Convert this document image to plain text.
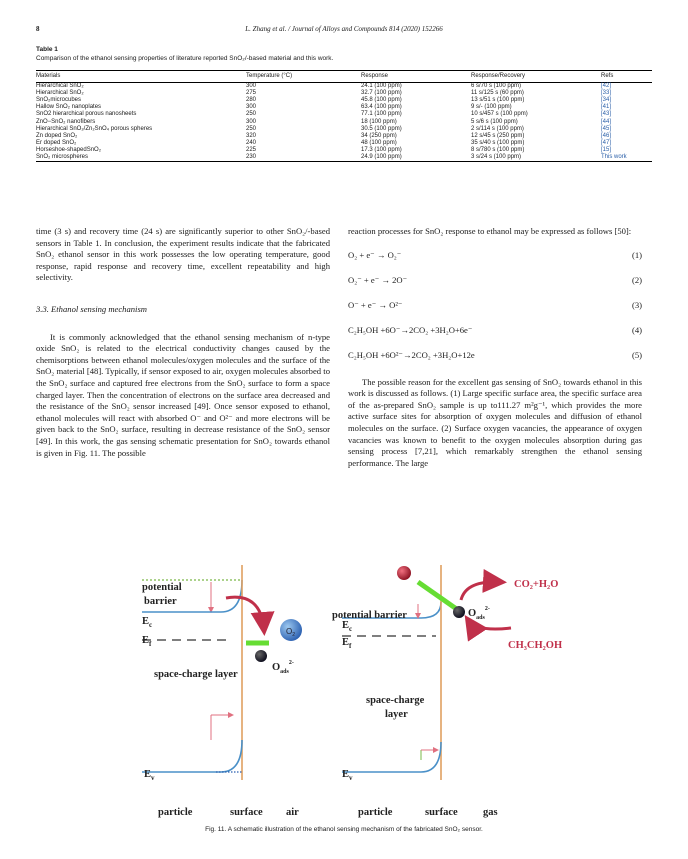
8	L. Zhang et al. / Journal of Alloys and Compounds 814 (2020) 152266
Table 1
Comparison of the ethanol sensing properties of literature reported SnO₂/-based material and this work.
Materials	Temperature (°C)	Response	Response/Recovery	Refs
Hierarchical SnO₂	300	24.1 (100 ppm)	6 s/70 s (100 ppm)	[42]
Hierarchical SnO₂	275	32.7 (100 ppm)	11 s/125 s (60 ppm)	[33]
SnO₂microcubes	280	45.8 (100 ppm)	13 s/51 s (100 ppm)	[34]
Hallow SnO₂ nanoplates	300	63.4 (100 ppm)	9 s/- (100 ppm)	[41]
SnO2 hierarchical porous nanosheets	250	77.1 (100 ppm)	10 s/457 s (100 ppm)	[43]
ZnO−SnO₂ nanofibers	300	18 (100 ppm)	5 s/6 s (100 ppm)	[44]
Hierarchical SnO₂/Zn₂SnO₄ porous spheres	250	30.5 (100 ppm)	2 s/114 s (100 ppm)	[45]
Zn doped SnO₂	320	34 (250 ppm)	12 s/45 s (250 ppm)	[46]
Er doped SnO₂	240	48 (100 ppm)	35 s/40 s (100 ppm)	[47]
Horseshoe-shapedSnO₂	225	17.3 (100 ppm)	8 s/780 s (100 ppm)	[15]
SnO₂ microspheres	230	24.9 (100 ppm)	3 s/24 s (100 ppm)	This work

time (3 s) and recovery time (24 s) are significantly superior to other SnO₂/-based sensors in Table 1. In conclusion, the experiment results indicate that the fabricated SnO₂ ethanol sensor in this work possesses the low operating temperature, good response, rapid response and recovery time, excellent repeatability and high selectivity.

3.3. Ethanol sensing mechanism

It is commonly acknowledged that the ethanol sensing mechanism of n-type oxide SnO₂ is related to the electrical conductivity changes caused by the chemisorptions between ethanol molecules/oxygen molecules and the surface of the SnO₂ material [48]. Typically, if sensor exposed to air, oxygen molecules absorbed to the SnO₂ surface and captured free electrons from the SnO₂ surface to form a space charged layer. Then the concentration of electrons on the surface area decreased and the resistance of the SnO₂ sensor increased [49]. Once sensor exposed to ethanol, ethanol molecules will react with absorbed O⁻ and O²⁻ and more electrons will be given back to the SnO₂ surface, resulting in decrease resistance of the SnO₂ sensor [49]. In this work, the gas sensing schematic presentation for SnO₂ towards ethanol is given in Fig. 11. The possible

reaction processes for SnO₂ response to ethanol may be expressed as follows [50]:

O₂ + e⁻ → O₂⁻	(1)
O₂⁻ + e⁻ → 2O⁻	(2)
O⁻ + e⁻ → O²⁻	(3)
C₂H₅OH +6O⁻→2CO₂ +3H₂O+6e⁻	(4)
C₂H₅OH +6O²⁻→2CO₂ +3H₂O+12e	(5)

The possible reason for the excellent gas sensing of SnO₂ towards ethanol in this work is discussed as follows. (1) Large specific surface area, the specific surface area of the as-prepared SnO₂ sample is up to111.27 m²g⁻¹, which provides the more active surface sites for absorption of oxygen molecules and diffusion of ethanol molecules on the surface. (2) Surface oxygen vacancies, the appearance of oxygen vacancies was known to benefit to the oxygen molecules absorption during gas sensing process [7,21], which remarkably strengthen the ethanol sensing performance. The large

$O_2$
$O_{ads}^{2-}$
potential
barrier
$E_c$
$E_f$
space-charge layer
$E_v$
particle	surface air
$O_{ads}^{2-}$
CO₂+H₂O
CH₃CH₂OH
potential barrier
$E_c$
$E_f$
space-charge
layer
$E_v$
particle	surface gas
Fig. 11. A schematic illustration of the ethanol sensing mechanism of the fabricated SnO₂ sensor.
